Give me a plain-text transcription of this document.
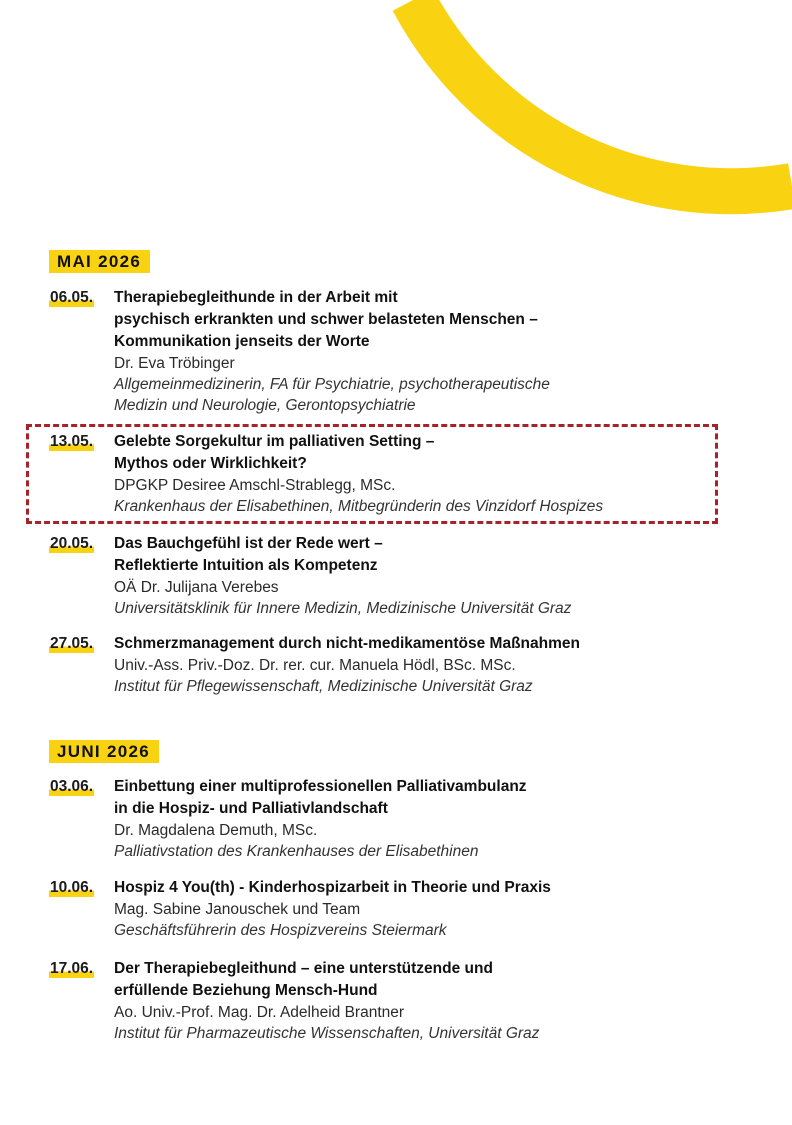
MAI 2026
06.05. Therapiebegleithunde in der Arbeit mit
psychisch erkrankten und schwer belasteten Menschen –
Kommunikation jenseits der Worte
Dr. Eva Tröbinger
Allgemeinmedizinerin, FA für Psychiatrie, psychotherapeutische
Medizin und Neurologie, Gerontopsychiatrie
13.05. Gelebte Sorgekultur im palliativen Setting –
Mythos oder Wirklichkeit?
DPGKP Desiree Amschl-Strablegg, MSc.
Krankenhaus der Elisabethinen, Mitbegründerin des Vinzidorf Hospizes
20.05. Das Bauchgefühl ist der Rede wert –
Reflektierte Intuition als Kompetenz
OÄ Dr. Julijana Verebes
Universitätsklinik für Innere Medizin, Medizinische Universität Graz
27.05. Schmerzmanagement durch nicht-medikamentöse Maßnahmen
Univ.-Ass. Priv.-Doz. Dr. rer. cur. Manuela Hödl, BSc. MSc.
Institut für Pflegewissenschaft, Medizinische Universität Graz
JUNI 2026
03.06. Einbettung einer multiprofessionellen Palliativambulanz
in die Hospiz- und Palliativlandschaft
Dr. Magdalena Demuth, MSc.
Palliativstation des Krankenhauses der Elisabethinen
10.06. Hospiz 4 You(th) - Kinderhospizarbeit in Theorie und Praxis
Mag. Sabine Janouschek und Team
Geschäftsführerin des Hospizvereins Steiermark
17.06. Der Therapiebegleithund – eine unterstützende und
erfüllende Beziehung Mensch-Hund
Ao. Univ.-Prof. Mag. Dr. Adelheid Brantner
Institut für Pharmazeutische Wissenschaften, Universität Graz
